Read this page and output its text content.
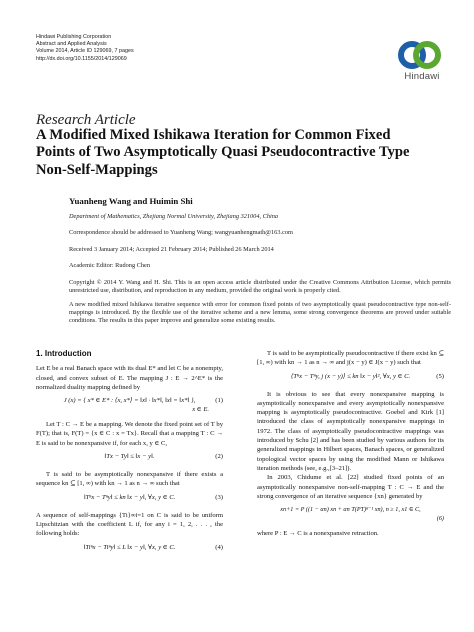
Hindawi Publishing Corporation
Abstract and Applied Analysis
Volume 2014, Article ID 129069, 7 pages
http://dx.doi.org/10.1155/2014/129069
Hindawi
Research Article
A Modified Mixed Ishikawa Iteration for Common Fixed Points of Two Asymptotically Quasi Pseudocontractive Type Non-Self-Mappings
Yuanheng Wang and Huimin Shi
Department of Mathematics, Zhejiang Normal University, Zhejiang 321004, China
Correspondence should be addressed to Yuanheng Wang; wangyuanhengmath@163.com
Received 3 January 2014; Accepted 21 February 2014; Published 26 March 2014
Academic Editor: Rudong Chen
Copyright © 2014 Y. Wang and H. Shi. This is an open access article distributed under the Creative Commons Attribution License, which permits unrestricted use, distribution, and reproduction in any medium, provided the original work is properly cited.
A new modified mixed Ishikawa iterative sequence with error for common fixed points of two asymptotically quasi pseudocontractive type non-self-mappings is introduced. By the flexible use of the iterative scheme and a new lemma, some strong convergence theorems are proved under suitable conditions. The results in this paper improve and generalize some existing results.
1. Introduction
Let E be a real Banach space with its dual E* and let C be a nonempty, closed, and convex subset of E. The mapping J : E → 2^E* is the normalized duality mapping defined by
J (x) = { x* ∈ E* : ⟨x, x*⟩ = ‖x‖ · ‖x*‖, ‖x‖ = ‖x*‖ },	(1)
x ∈ E.
Let T : C → E be a mapping. We denote the fixed point set of T by F(T); that is, F(T) = {x ∈ C : x = Tx}. Recall that a mapping T : C → E is said to be nonexpansive if, for each x, y ∈ C,
‖Tx − Ty‖ ≤ ‖x − y‖.	(2)
T is said to be asymptotically nonexpansive if there exists a sequence kn ⊆ [1, ∞) with kn → 1 as n → ∞ such that
‖Tⁿx − Tⁿy‖ ≤ kn ‖x − y‖, ∀x, y ∈ C.	(3)
A sequence of self-mappings {Ti}∞i=1 on C is said to be uniform Lipschitzian with the coefficient L if, for any i = 1, 2, . . . , the following holds:
‖Tiⁿx − Tiⁿy‖ ≤ L ‖x − y‖, ∀x, y ∈ C.	(4)
T is said to be asymptotically pseudocontractive if there exist kn ⊆ [1, ∞) with kn → 1 as n → ∞ and j(x − y) ∈ J(x − y) such that
⟨Tⁿx − Tⁿy, j (x − y)⟩ ≤ kn ‖x − y‖², ∀x, y ∈ C.	(5)
It is obvious to see that every nonexpansive mapping is asymptotically nonexpansive and every asymptotically nonexpansive mapping is asymptotically pseudocontractive. Goebel and Kirk [1] introduced the class of asymptotically nonexpansive mappings in 1972. The class of asymptotically pseudocontractive mappings was introduced by Schu [2] and has been studied by various authors for its generalized mappings in Hilbert spaces, Banach spaces, or generalized topological vector spaces by using the modified Mann or Ishikawa iteration methods (see, e.g.,[3–21]).
In 2003, Chidume et al. [22] studied fixed points of an asymptotically nonexpansive non-self-mapping T : C → E and the strong convergence of an iterative sequence {xn} generated by
xn+1 = P ((1 − αn) xn + αn T(PT)ⁿ⁻¹ xn), n ≥ 1, x1 ∈ C,
(6)
where P : E → C is a nonexpansive retraction.
